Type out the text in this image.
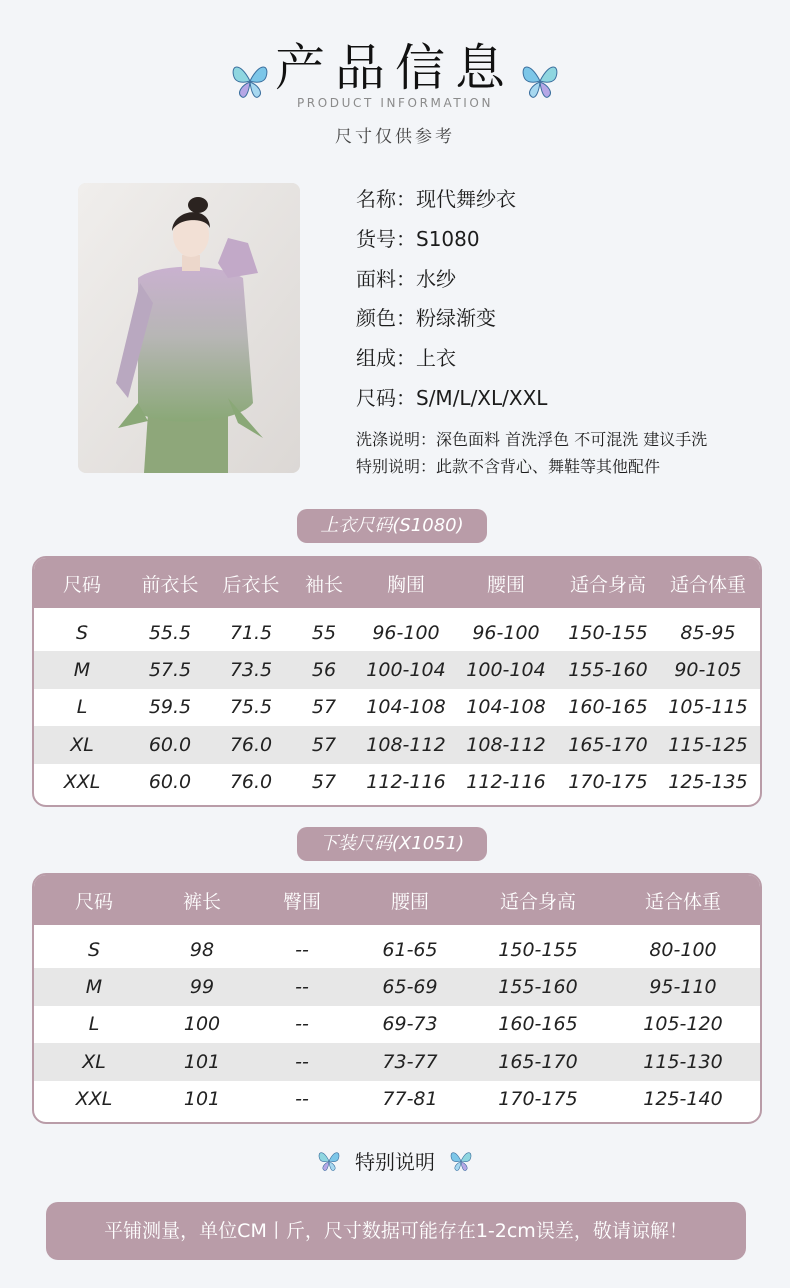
产品信息
PRODUCT INFORMATION
尺寸仅供参考
名称：现代舞纱衣
货号：S1080
面料：水纱
颜色：粉绿渐变
组成：上衣
尺码：S/M/L/XL/XXL
洗涤说明：深色面料 首洗浮色 不可混洗 建议手洗
特别说明：此款不含背心、舞鞋等其他配件
上衣尺码(S1080)
尺码	前衣长	后衣长	袖长	胸围	腰围	适合身高	适合体重
S	55.5	71.5	55	96-100	96-100	150-155	85-95
M	57.5	73.5	56	100-104	100-104	155-160	90-105
L	59.5	75.5	57	104-108	104-108	160-165	105-115
XL	60.0	76.0	57	108-112	108-112	165-170	115-125
XXL	60.0	76.0	57	112-116	112-116	170-175	125-135
下装尺码(X1051)
尺码	裤长	臀围	腰围	适合身高	适合体重
S	98	--	61-65	150-155	80-100
M	99	--	65-69	155-160	95-110
L	100	--	69-73	160-165	105-120
XL	101	--	73-77	165-170	115-130
XXL	101	--	77-81	170-175	125-140
特别说明
平铺测量，单位CM丨斤，尺寸数据可能存在1-2cm误差，敬请谅解！
